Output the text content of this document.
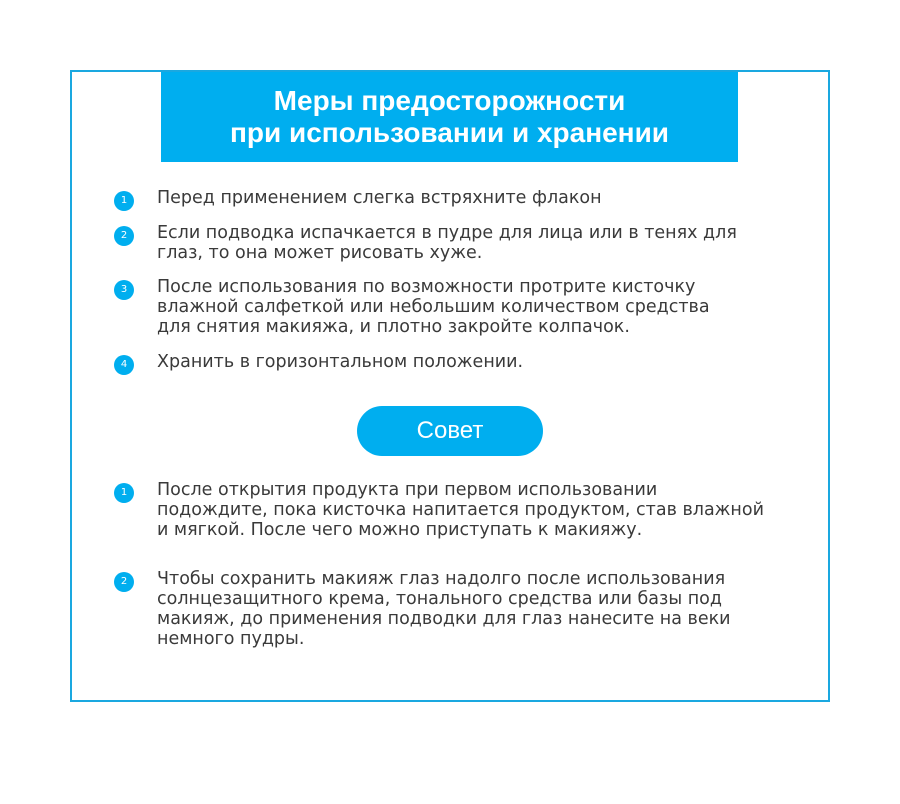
Меры предосторожности
при использовании и хранении
1	Перед применением слегка встряхните флакон
2	Если подводка испачкается в пудре для лица или в тенях для
глаз, то она может рисовать хуже.
3	После использования по возможности протрите кисточку
влажной салфеткой или небольшим количеством средства
для снятия макияжа, и плотно закройте колпачок.
4	Хранить в горизонтальном положении.
Совет
1	После открытия продукта при первом использовании
подождите, пока кисточка напитается продуктом, став влажной
и мягкой. После чего можно приступать к макияжу.
2	Чтобы сохранить макияж глаз надолго после использования
солнцезащитного крема, тонального средства или базы под
макияж, до применения подводки для глаз нанесите на веки
немного пудры.
